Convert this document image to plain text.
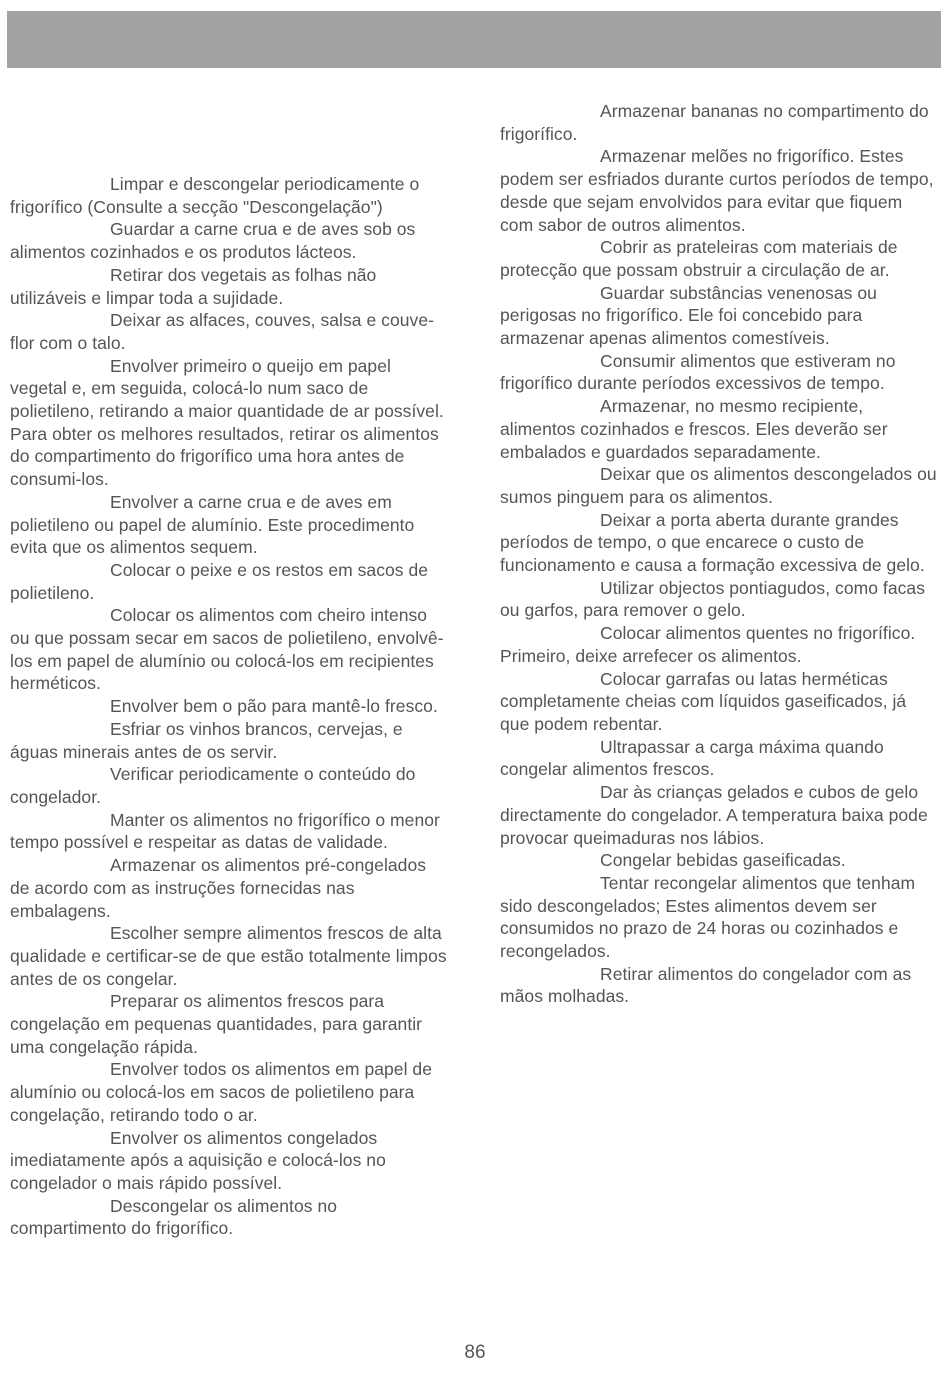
Limpar e descongelar periodicamente o frigorífico (Consulte a secção "Descongelação")

Guardar a carne crua e de aves sob os alimentos cozinhados e os produtos lácteos.

Retirar dos vegetais as folhas não utilizáveis e limpar toda a sujidade.

Deixar as alfaces, couves, salsa e couve-flor com o talo.

Envolver primeiro o queijo em papel vegetal e, em seguida, colocá-lo num saco de polietileno, retirando a maior quantidade de ar possível. Para obter os melhores resultados, retirar os alimentos do compartimento do frigorífico uma hora antes de consumi-los.

Envolver a carne crua e de aves em polietileno ou papel de alumínio. Este procedimento evita que os alimentos sequem.

Colocar o peixe e os restos em sacos de polietileno.

Colocar os alimentos com cheiro intenso ou que possam secar em sacos de polietileno, envolvê-los em papel de alumínio ou colocá-los em recipientes herméticos.

Envolver bem o pão para mantê-lo fresco.

Esfriar os vinhos brancos, cervejas, e águas minerais antes de os servir.

Verificar periodicamente o conteúdo do congelador.

Manter os alimentos no frigorífico o menor tempo possível e respeitar as datas de validade.

Armazenar os alimentos pré-congelados de acordo com as instruções fornecidas nas embalagens.

Escolher sempre alimentos frescos de alta qualidade e certificar-se de que estão totalmente limpos antes de os congelar.

Preparar os alimentos frescos para congelação em pequenas quantidades, para garantir uma congelação rápida.

Envolver todos os alimentos em papel de alumínio ou colocá-los em sacos de polietileno para congelação, retirando todo o ar.

Envolver os alimentos congelados imediatamente após a aquisição e colocá-los no congelador o mais rápido possível.

Descongelar os alimentos no compartimento do frigorífico.

Armazenar bananas no compartimento do frigorífico.

Armazenar melões no frigorífico. Estes podem ser esfriados durante curtos períodos de tempo, desde que sejam envolvidos para evitar que fiquem com sabor de outros alimentos.

Cobrir as prateleiras com materiais de protecção que possam obstruir a circulação de ar.

Guardar substâncias venenosas ou perigosas no frigorífico. Ele foi concebido para armazenar apenas alimentos comestíveis.

Consumir alimentos que estiveram no frigorífico durante períodos excessivos de tempo.

Armazenar, no mesmo recipiente, alimentos cozinhados e frescos. Eles deverão ser embalados e guardados separadamente.

Deixar que os alimentos descongelados ou sumos pinguem para os alimentos.

Deixar a porta aberta durante grandes períodos de tempo, o que encarece o custo de funcionamento e causa a formação excessiva de gelo.

Utilizar objectos pontiagudos, como facas ou garfos, para remover o gelo.

Colocar alimentos quentes no frigorífico. Primeiro, deixe arrefecer os alimentos.

Colocar garrafas ou latas herméticas completamente cheias com líquidos gaseificados, já que podem rebentar.

Ultrapassar a carga máxima quando congelar alimentos frescos.

Dar às crianças gelados e cubos de gelo directamente do congelador. A temperatura baixa pode provocar queimaduras nos lábios.

Congelar bebidas gaseificadas.

Tentar recongelar alimentos que tenham sido descongelados; Estes alimentos devem ser consumidos no prazo de 24 horas ou cozinhados e recongelados.

Retirar alimentos do congelador com as mãos molhadas.

86
